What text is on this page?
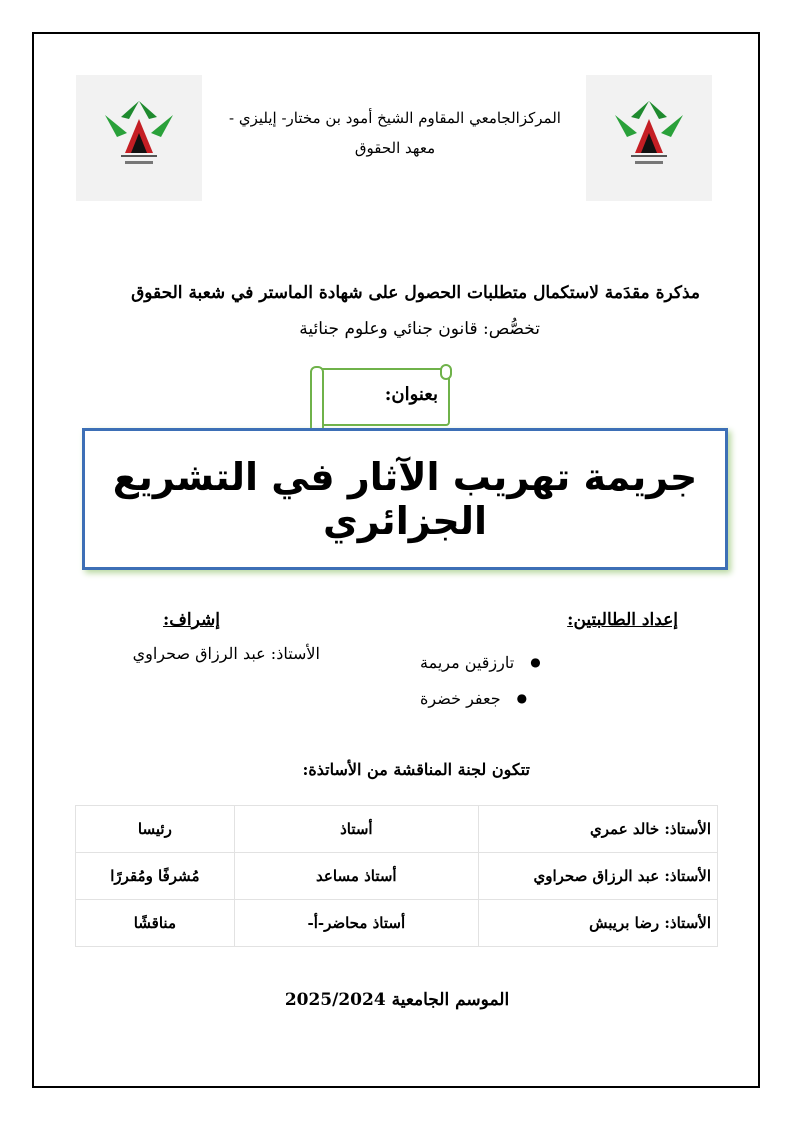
المركزالجامعي المقاوم الشيخ أمود بن مختار- إيليزي -
معهد الحقوق
مذكرة مقدَمة لاستكمال متطلبات الحصول على شهادة الماستر في شعبة الحقوق
تخصُّص: قانون جنائي وعلوم جنائية
بعنوان:
جريمة تهريب الآثار في التشريع الجزائري
إعداد الطالبتين:
●
تارزقين مريمة
●
جعفر خضرة
إشراف:
الأستاذ: عبد الرزاق صحراوي
تتكون لجنة المناقشة من الأساتذة:
الأستاذ: خالد عمري	أستاذ	رئيسا
الأستاذ: عبد الرزاق صحراوي	أستاذ مساعد	مُشرفًا ومُقررًا
الأستاذ: رضا بريبش	أستاذ محاضر-أ-	مناقشًا
الموسم الجامعية 2025/2024
